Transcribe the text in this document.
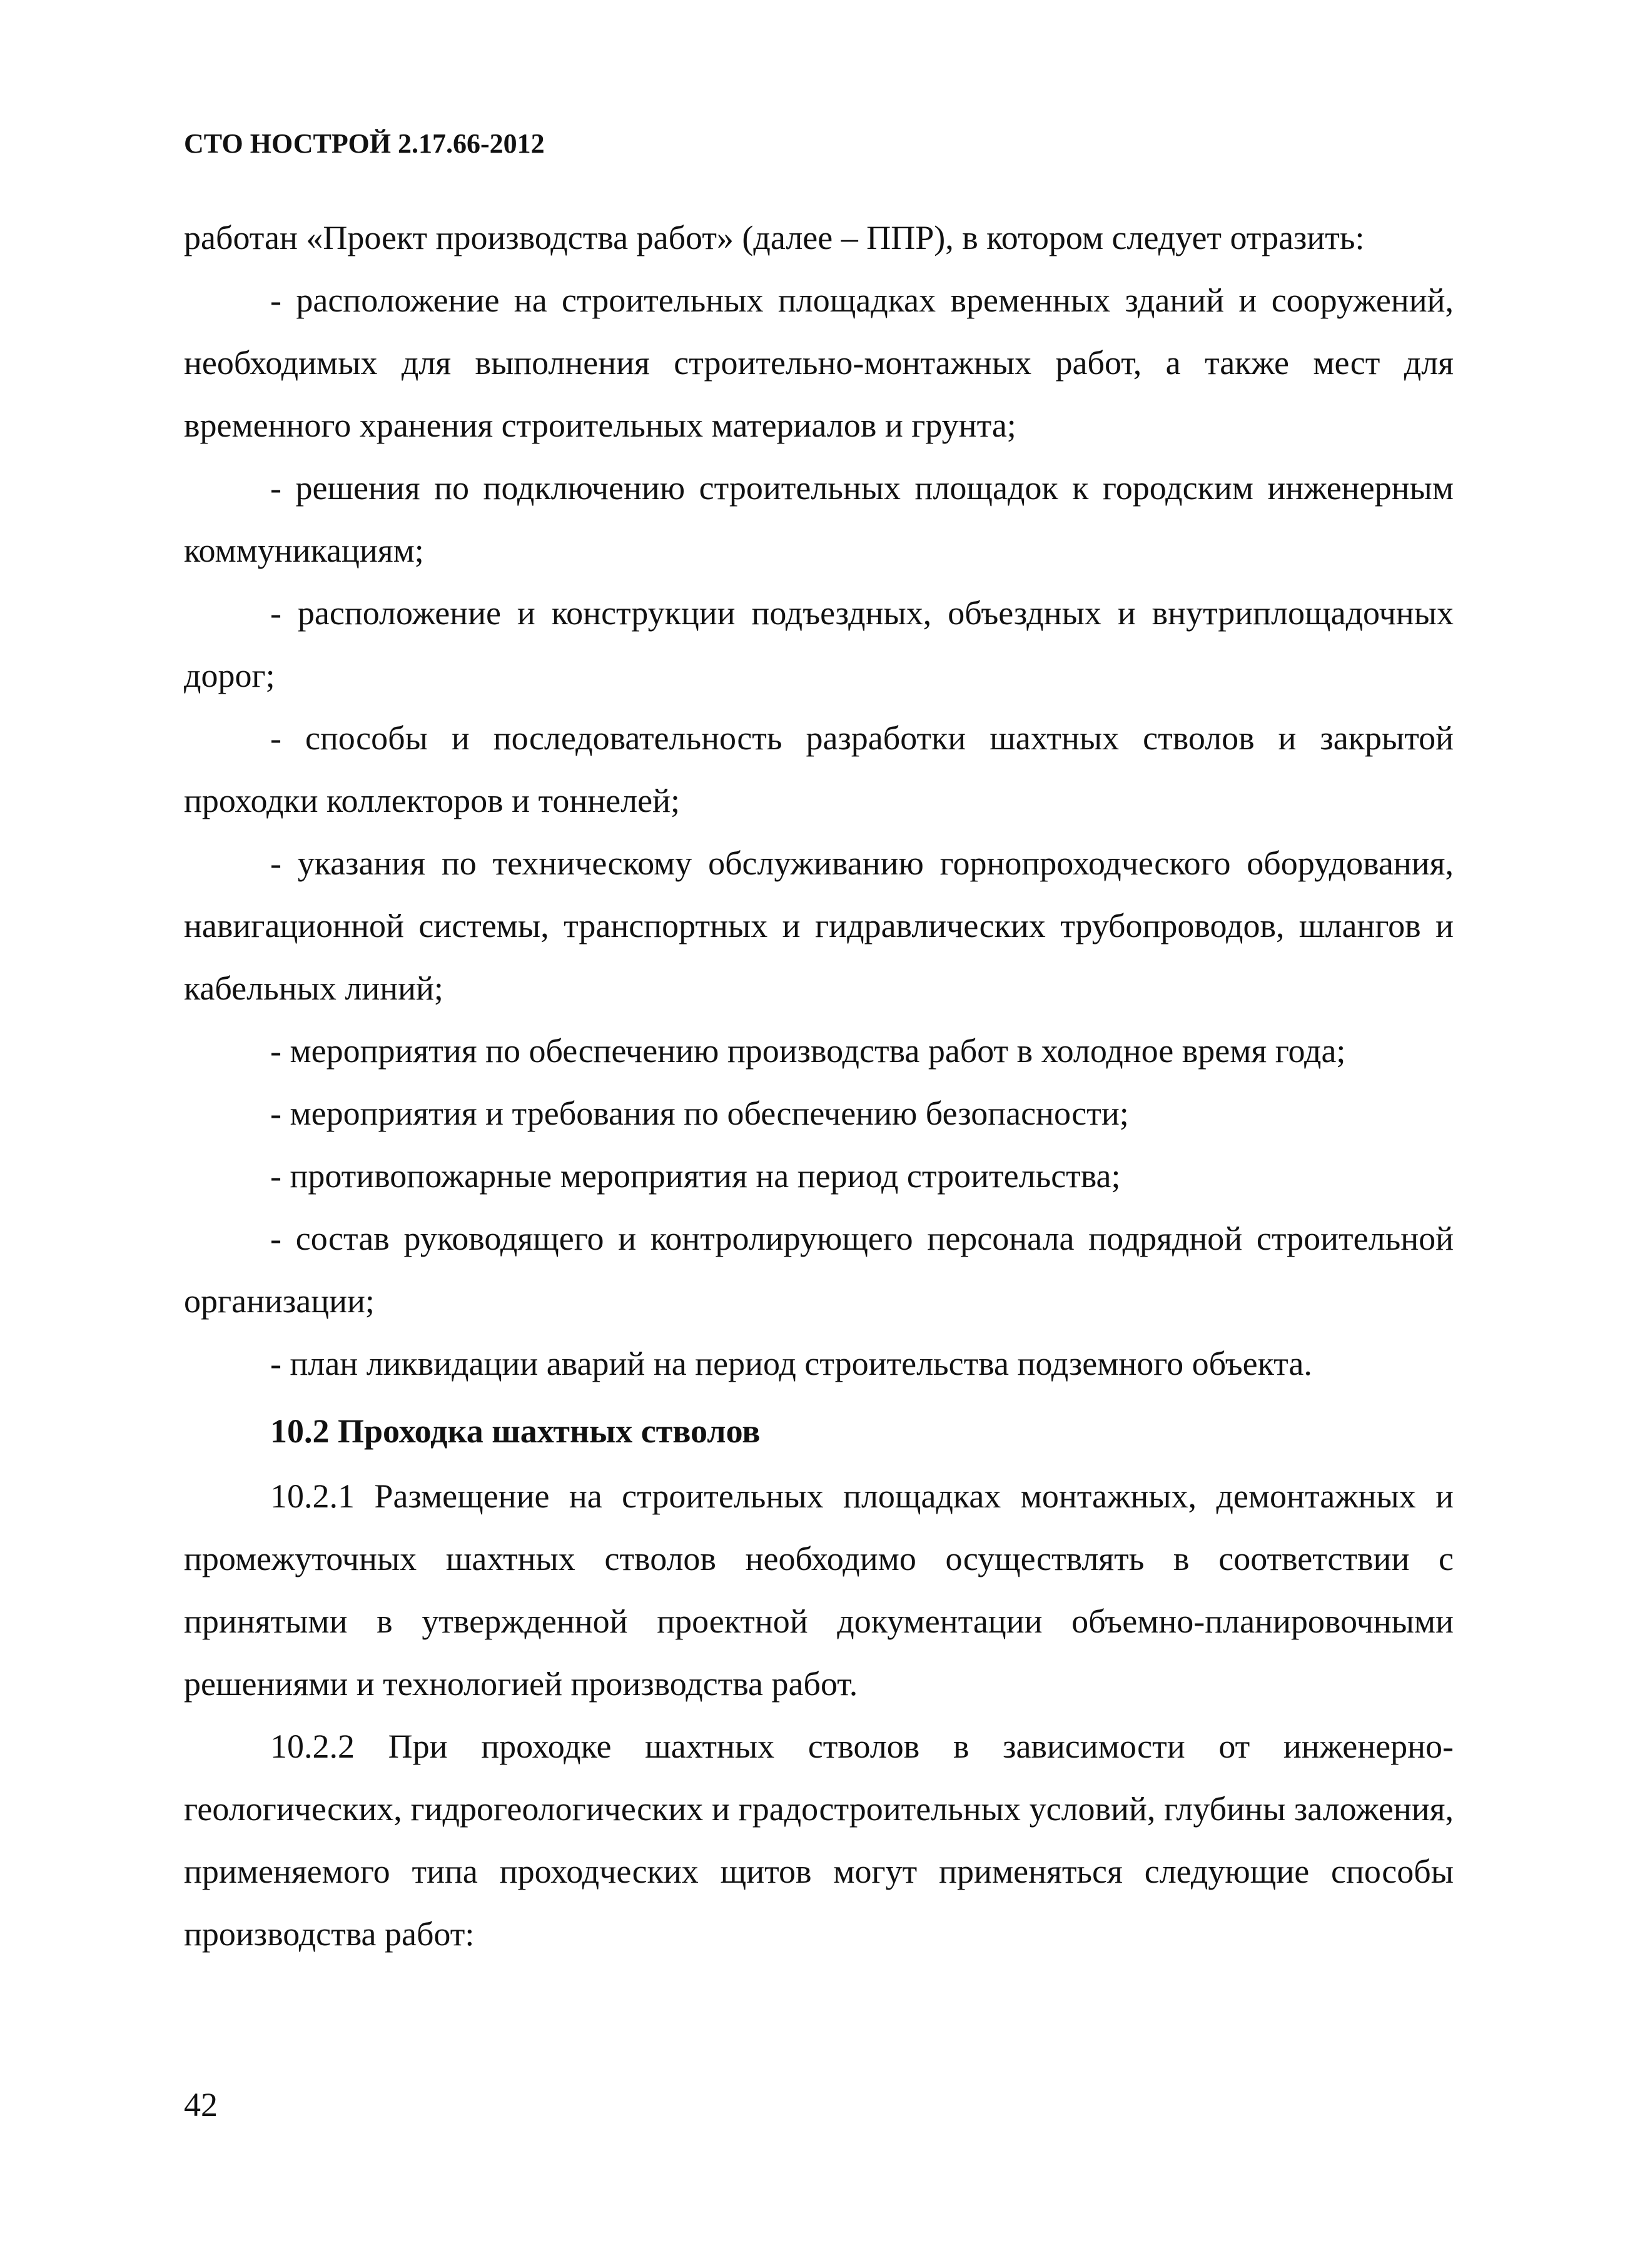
СТО НОСТРОЙ 2.17.66-2012

работан «Проект производства работ» (далее – ППР), в котором следует отразить:

- расположение на строительных площадках временных зданий и сооружений, необходимых для выполнения строительно-монтажных работ, а также мест для временного хранения строительных материалов и грунта;

- решения по подключению строительных площадок к городским инженерным коммуникациям;

- расположение и конструкции подъездных, объездных и внутриплощадочных дорог;

- способы и последовательность разработки шахтных стволов и закрытой проходки коллекторов и тоннелей;

- указания по техническому обслуживанию горнопроходческого оборудования, навигационной системы, транспортных и гидравлических трубопроводов, шлангов и кабельных линий;

- мероприятия по обеспечению производства работ в холодное время года;

- мероприятия и требования по обеспечению безопасности;

- противопожарные мероприятия на период строительства;

- состав руководящего и контролирующего персонала подрядной строительной организации;

- план ликвидации аварий на период строительства подземного объекта.

10.2 Проходка шахтных стволов

10.2.1 Размещение на строительных площадках монтажных, демонтажных и промежуточных шахтных стволов необходимо осуществлять в соответствии с принятыми в утвержденной проектной документации объемно-планировочными решениями и технологией производства работ.

10.2.2 При проходке шахтных стволов в зависимости от инженерно-геологических, гидрогеологических и градостроительных условий, глубины заложения, применяемого типа проходческих щитов могут применяться следующие способы производства работ:

42
